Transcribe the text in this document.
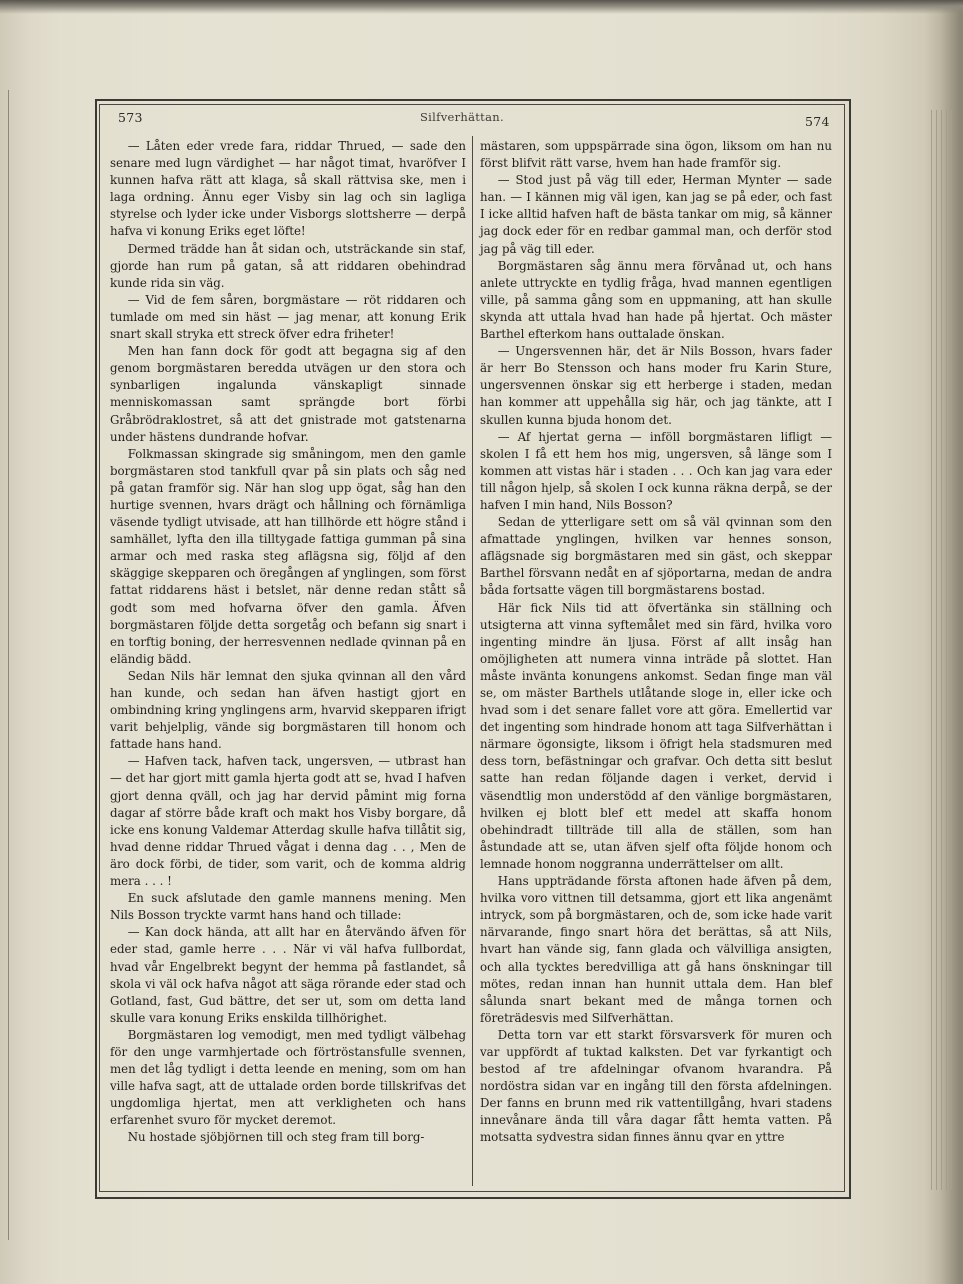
573	Silfverhättan.	574

— Låten eder vrede fara, riddar Thrued, — sade den senare med lugn värdighet — har något timat, hvaröfver I kunnen hafva rätt att klaga, så skall rättvisa ske, men i laga ordning. Ännu eger Visby sin lag och sin lagliga styrelse och lyder icke under Visborgs slottsherre — derpå hafva vi konung Eriks eget löfte!

Dermed trädde han åt sidan och, utsträckande sin staf, gjorde han rum på gatan, så att riddaren obehindrad kunde rida sin väg.

— Vid de fem såren, borgmästare — röt riddaren och tumlade om med sin häst — jag menar, att konung Erik snart skall stryka ett streck öfver edra friheter!

Men han fann dock för godt att begagna sig af den genom borgmästaren beredda utvägen ur den stora och synbarligen ingalunda vänskapligt sinnade menniskomassan samt sprängde bort förbi Gråbrödraklostret, så att det gnistrade mot gatstenarna under hästens dundrande hofvar.

Folkmassan skingrade sig småningom, men den gamle borgmästaren stod tankfull qvar på sin plats och såg ned på gatan framför sig. När han slog upp ögat, såg han den hurtige svennen, hvars drägt och hållning och förnämliga väsende tydligt utvisade, att han tillhörde ett högre stånd i samhället, lyfta den illa tilltygade fattiga gumman på sina armar och med raska steg aflägsna sig, följd af den skäggige skepparen och öregången af ynglingen, som först fattat riddarens häst i betslet, när denne redan stått så godt som med hofvarna öfver den gamla. Äfven borgmästaren följde detta sorgetåg och befann sig snart i en torftig boning, der herresvennen nedlade qvinnan på en eländig bädd.

Sedan Nils här lemnat den sjuka qvinnan all den vård han kunde, och sedan han äfven hastigt gjort en ombindning kring ynglingens arm, hvarvid skepparen ifrigt varit behjelplig, vände sig borgmästaren till honom och fattade hans hand.

— Hafven tack, hafven tack, ungersven, — utbrast han — det har gjort mitt gamla hjerta godt att se, hvad I hafven gjort denna qväll, och jag har dervid påmint mig forna dagar af större både kraft och makt hos Visby borgare, då icke ens konung Valdemar Atterdag skulle hafva tillåtit sig, hvad denne riddar Thrued vågat i denna dag . . , Men de äro dock förbi, de tider, som varit, och de komma aldrig mera . . . !

En suck afslutade den gamle mannens mening. Men Nils Bosson tryckte varmt hans hand och tillade:

— Kan dock hända, att allt har en återvändo äfven för eder stad, gamle herre . . . När vi väl hafva fullbordat, hvad vår Engelbrekt begynt der hemma på fastlandet, så skola vi väl ock hafva något att säga rörande eder stad och Gotland, fast, Gud bättre, det ser ut, som om detta land skulle vara konung Eriks enskilda tillhörighet.

Borgmästaren log vemodigt, men med tydligt välbehag för den unge varmhjertade och förtröstansfulle svennen, men det låg tydligt i detta leende en mening, som om han ville hafva sagt, att de uttalade orden borde tillskrifvas det ungdomliga hjertat, men att verkligheten och hans erfarenhet svuro för mycket deremot.

Nu hostade sjöbjörnen till och steg fram till borg-

mästaren, som uppspärrade sina ögon, liksom om han nu först blifvit rätt varse, hvem han hade framför sig.

— Stod just på väg till eder, Herman Mynter — sade han. — I kännen mig väl igen, kan jag se på eder, och fast I icke alltid hafven haft de bästa tankar om mig, så känner jag dock eder för en redbar gammal man, och derför stod jag på väg till eder.

Borgmästaren såg ännu mera förvånad ut, och hans anlete uttryckte en tydlig fråga, hvad mannen egentligen ville, på samma gång som en uppmaning, att han skulle skynda att uttala hvad han hade på hjertat. Och mäster Barthel efterkom hans outtalade önskan.

— Ungersvennen här, det är Nils Bosson, hvars fader är herr Bo Stensson och hans moder fru Karin Sture, ungersvennen önskar sig ett herberge i staden, medan han kommer att uppehålla sig här, och jag tänkte, att I skullen kunna bjuda honom det.

— Af hjertat gerna — inföll borgmästaren lifligt — skolen I få ett hem hos mig, ungersven, så länge som I kommen att vistas här i staden . . . Och kan jag vara eder till någon hjelp, så skolen I ock kunna räkna derpå, se der hafven I min hand, Nils Bosson?

Sedan de ytterligare sett om så väl qvinnan som den afmattade ynglingen, hvilken var hennes sonson, aflägsnade sig borgmästaren med sin gäst, och skeppar Barthel försvann nedåt en af sjöportarna, medan de andra båda fortsatte vägen till borgmästarens bostad.

Här fick Nils tid att öfvertänka sin ställning och utsigterna att vinna syftemålet med sin färd, hvilka voro ingenting mindre än ljusa. Först af allt insåg han omöjligheten att numera vinna inträde på slottet. Han måste invänta konungens ankomst. Sedan finge man väl se, om mäster Barthels utlåtande sloge in, eller icke och hvad som i det senare fallet vore att göra. Emellertid var det ingenting som hindrade honom att taga Silfverhättan i närmare ögonsigte, liksom i öfrigt hela stadsmuren med dess torn, befästningar och grafvar. Och detta sitt beslut satte han redan följande dagen i verket, dervid i väsendtlig mon understödd af den vänlige borgmästaren, hvilken ej blott blef ett medel att skaffa honom obehindradt tillträde till alla de ställen, som han åstundade att se, utan äfven sjelf ofta följde honom och lemnade honom noggranna underrättelser om allt.

Hans uppträdande första aftonen hade äfven på dem, hvilka voro vittnen till detsamma, gjort ett lika angenämt intryck, som på borgmästaren, och de, som icke hade varit närvarande, fingo snart höra det berättas, så att Nils, hvart han vände sig, fann glada och välvilliga ansigten, och alla tycktes beredvilliga att gå hans önskningar till mötes, redan innan han hunnit uttala dem. Han blef sålunda snart bekant med de många tornen och företrädesvis med Silfverhättan.

Detta torn var ett starkt försvarsverk för muren och var uppfördt af tuktad kalksten. Det var fyrkantigt och bestod af tre afdelningar ofvanom hvarandra. På nordöstra sidan var en ingång till den första afdelningen. Der fanns en brunn med rik vattentillgång, hvari stadens innevånare ända till våra dagar fått hemta vatten. På motsatta sydvestra sidan finnes ännu qvar en yttre
